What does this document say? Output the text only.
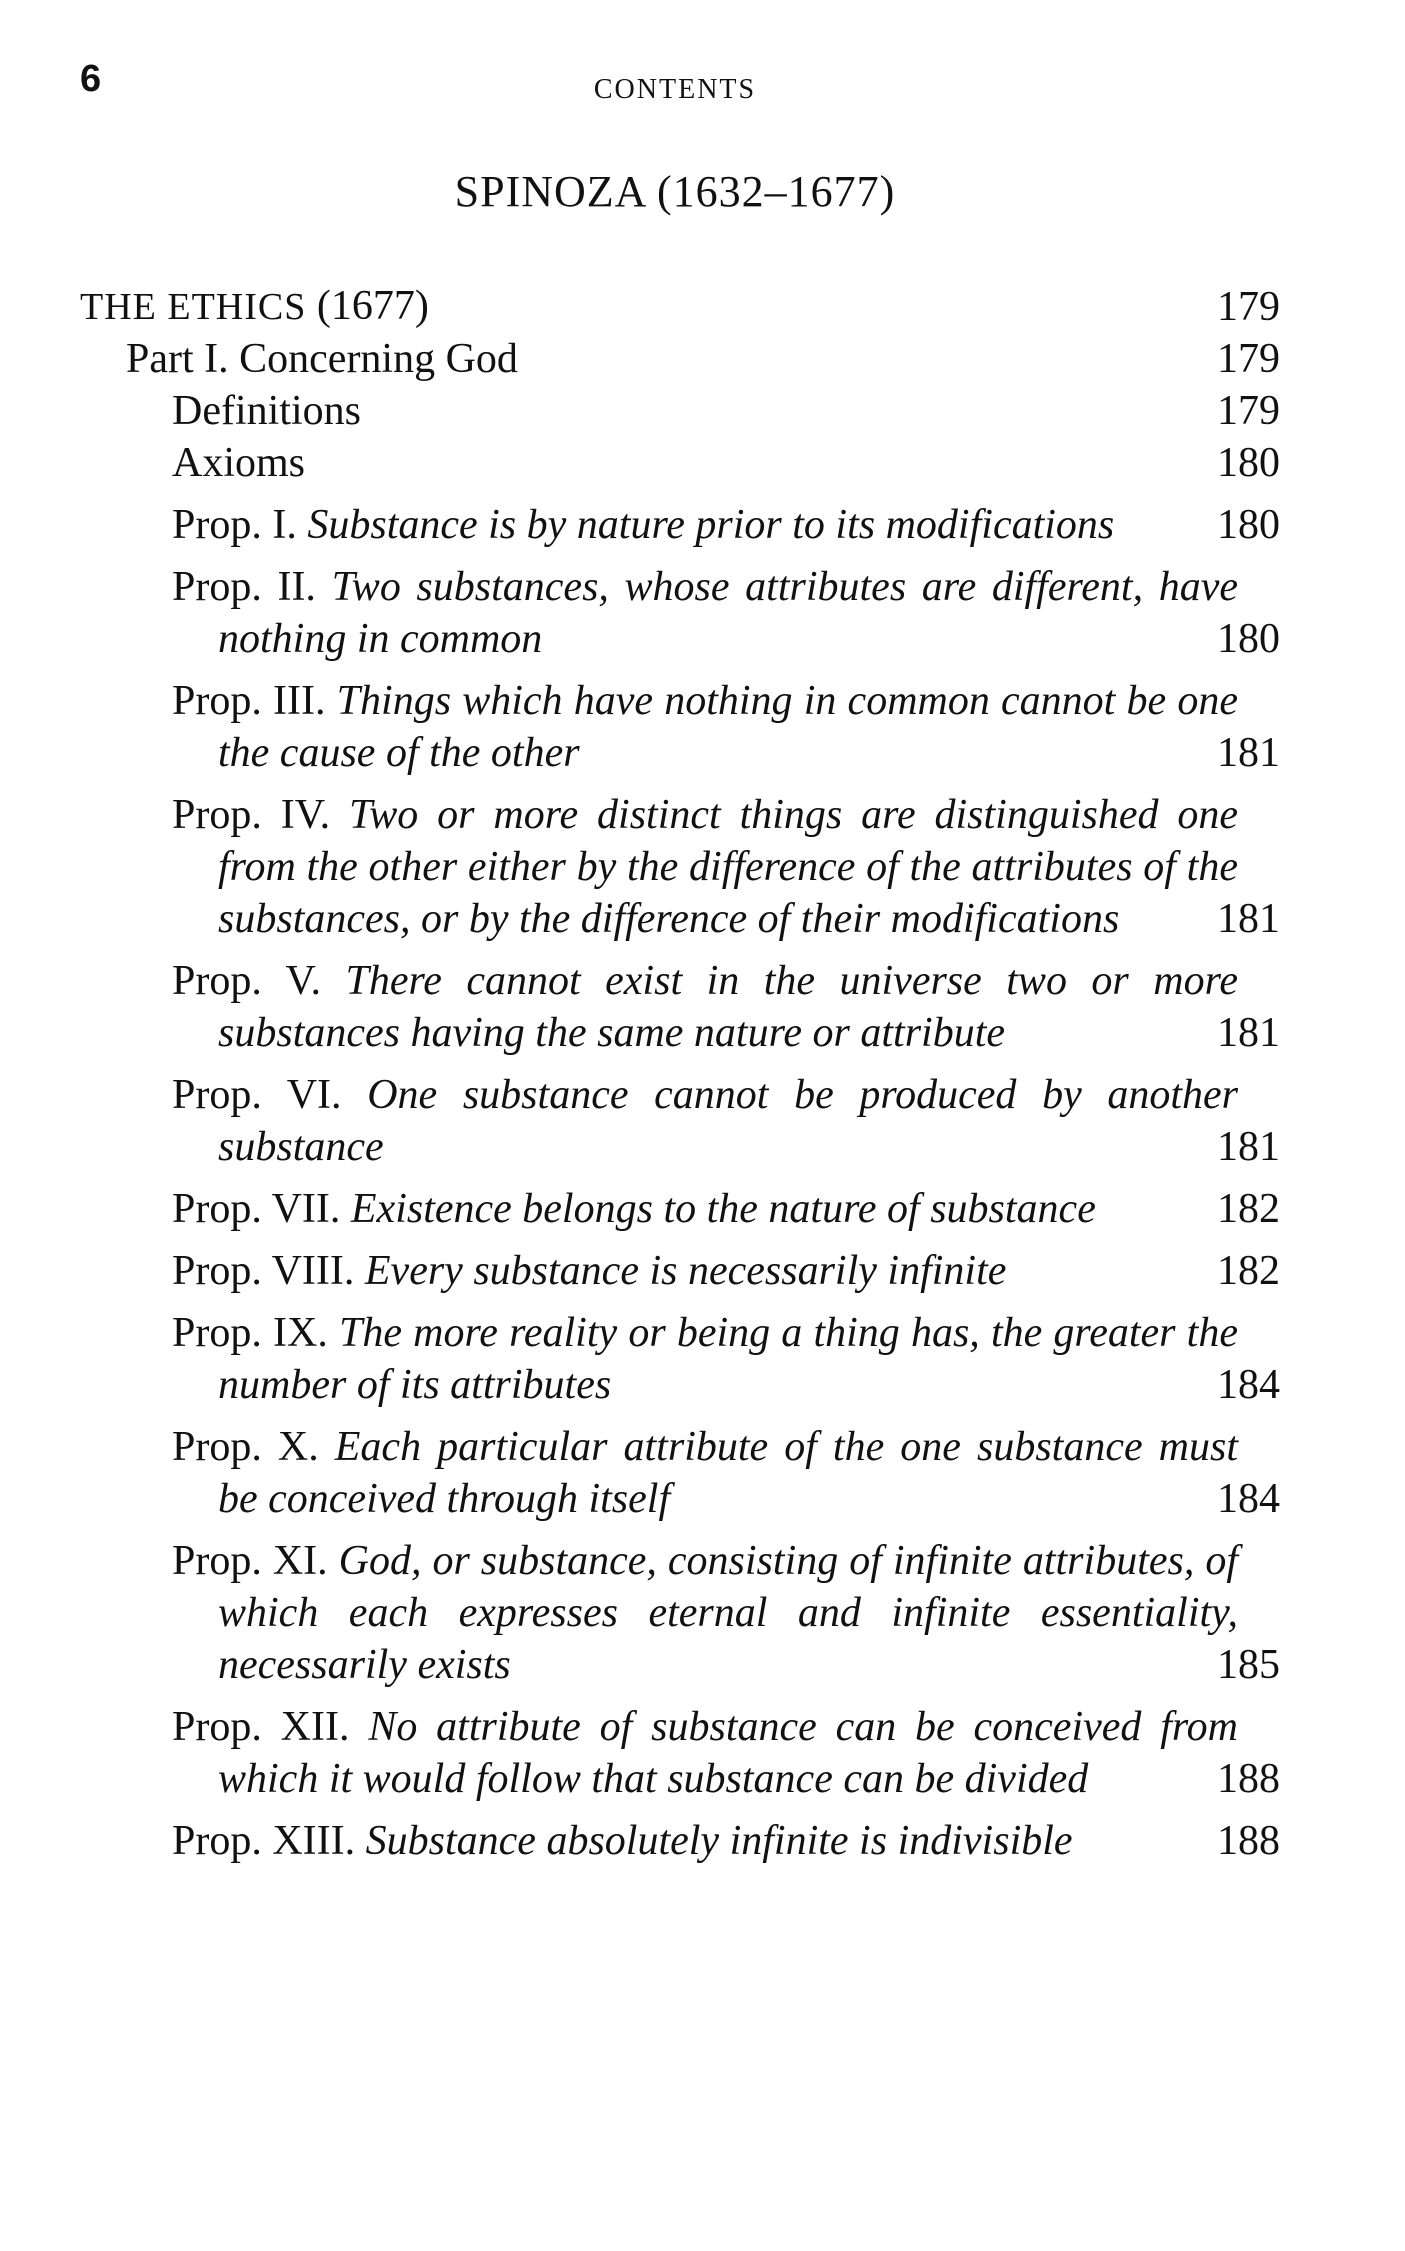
6	CONTENTS
SPINOZA (1632–1677)
THE ETHICS (1677)	179
Part I. Concerning God	179
Definitions	179
Axioms	180
Prop. I. Substance is by nature prior to its modifications	180
Prop. II. Two substances, whose attributes are different, have nothing in common	180
Prop. III. Things which have nothing in common cannot be one the cause of the other	181
Prop. IV. Two or more distinct things are distinguished one from the other either by the difference of the attributes of the substances, or by the difference of their modifications	181
Prop. V. There cannot exist in the universe two or more substances having the same nature or attribute	181
Prop. VI. One substance cannot be produced by another substance	181
Prop. VII. Existence belongs to the nature of substance	182
Prop. VIII. Every substance is necessarily infinite	182
Prop. IX. The more reality or being a thing has, the greater the number of its attributes	184
Prop. X. Each particular attribute of the one substance must be conceived through itself	184
Prop. XI. God, or substance, consisting of infinite attributes, of which each expresses eternal and infinite essentiality, necessarily exists	185
Prop. XII. No attribute of substance can be conceived from which it would follow that substance can be divided	188
Prop. XIII. Substance absolutely infinite is indivisible	188
